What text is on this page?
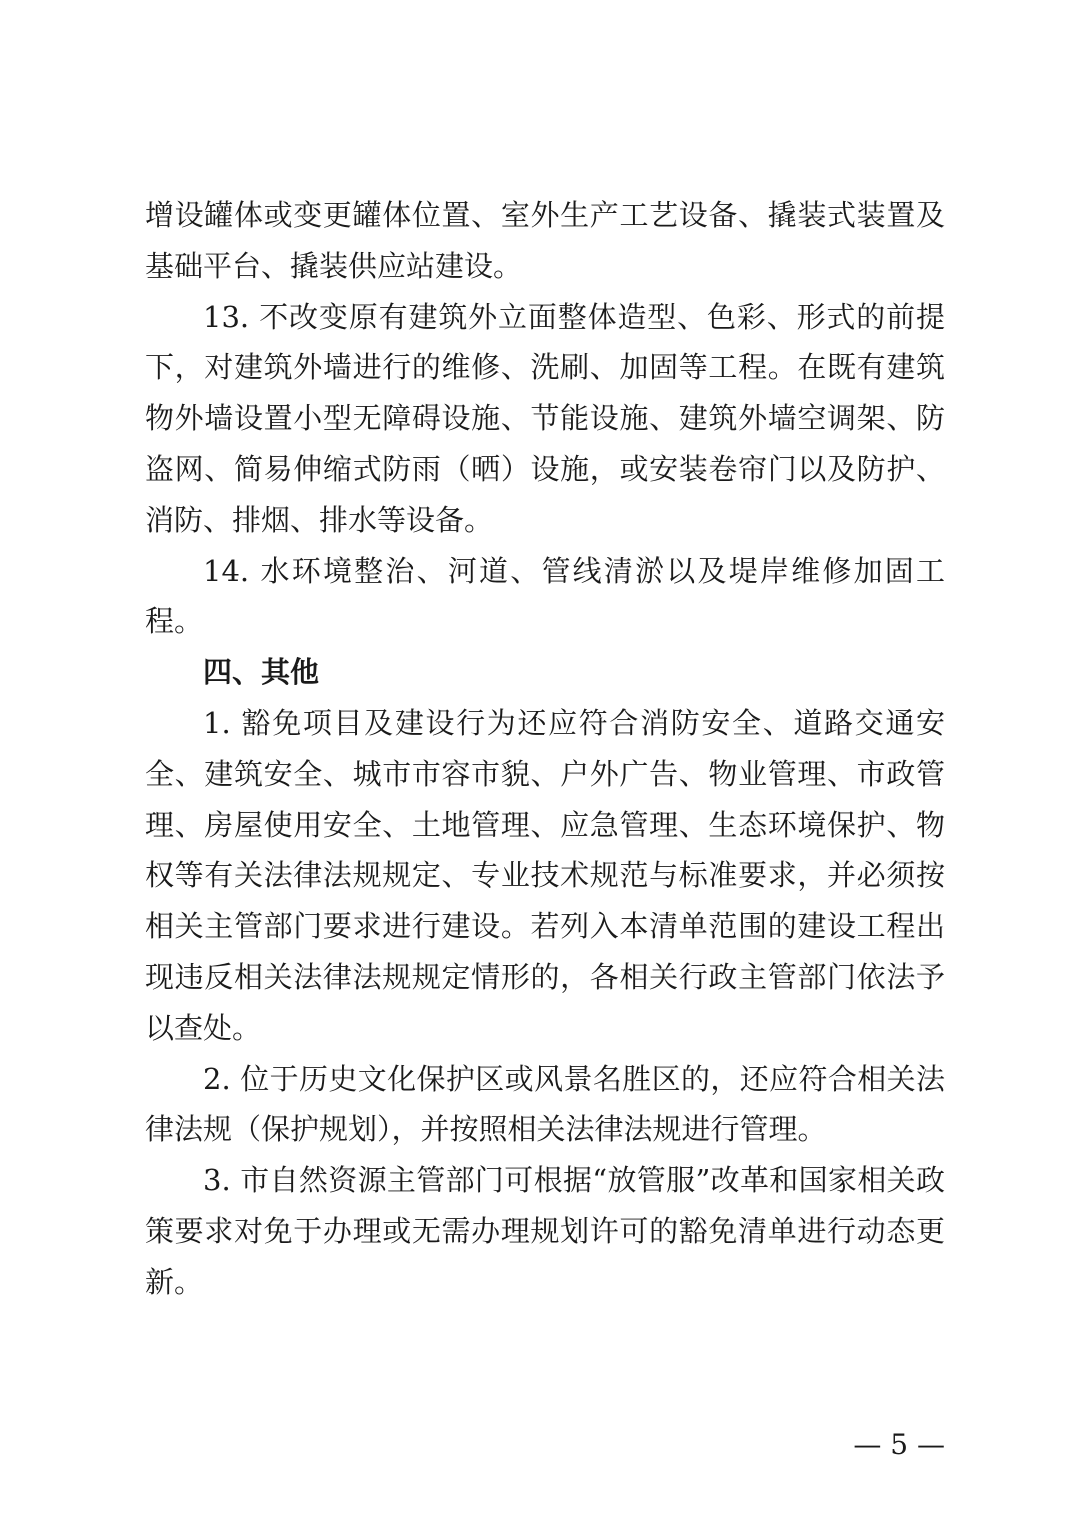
增设罐体或变更罐体位置、室外生产工艺设备、撬装式装置及基础平台、撬装供应站建设。

13. 不改变原有建筑外立面整体造型、色彩、形式的前提下，对建筑外墙进行的维修、洗刷、加固等工程。在既有建筑物外墙设置小型无障碍设施、节能设施、建筑外墙空调架、防盗网、简易伸缩式防雨（晒）设施，或安装卷帘门以及防护、消防、排烟、排水等设备。

14. 水环境整治、河道、管线清淤以及堤岸维修加固工程。

四、其他

1. 豁免项目及建设行为还应符合消防安全、道路交通安全、建筑安全、城市市容市貌、户外广告、物业管理、市政管理、房屋使用安全、土地管理、应急管理、生态环境保护、物权等有关法律法规规定、专业技术规范与标准要求，并必须按相关主管部门要求进行建设。若列入本清单范围的建设工程出现违反相关法律法规规定情形的，各相关行政主管部门依法予以查处。

2. 位于历史文化保护区或风景名胜区的，还应符合相关法律法规（保护规划），并按照相关法律法规进行管理。

3. 市自然资源主管部门可根据“放管服”改革和国家相关政策要求对免于办理或无需办理规划许可的豁免清单进行动态更新。

— 5 —
